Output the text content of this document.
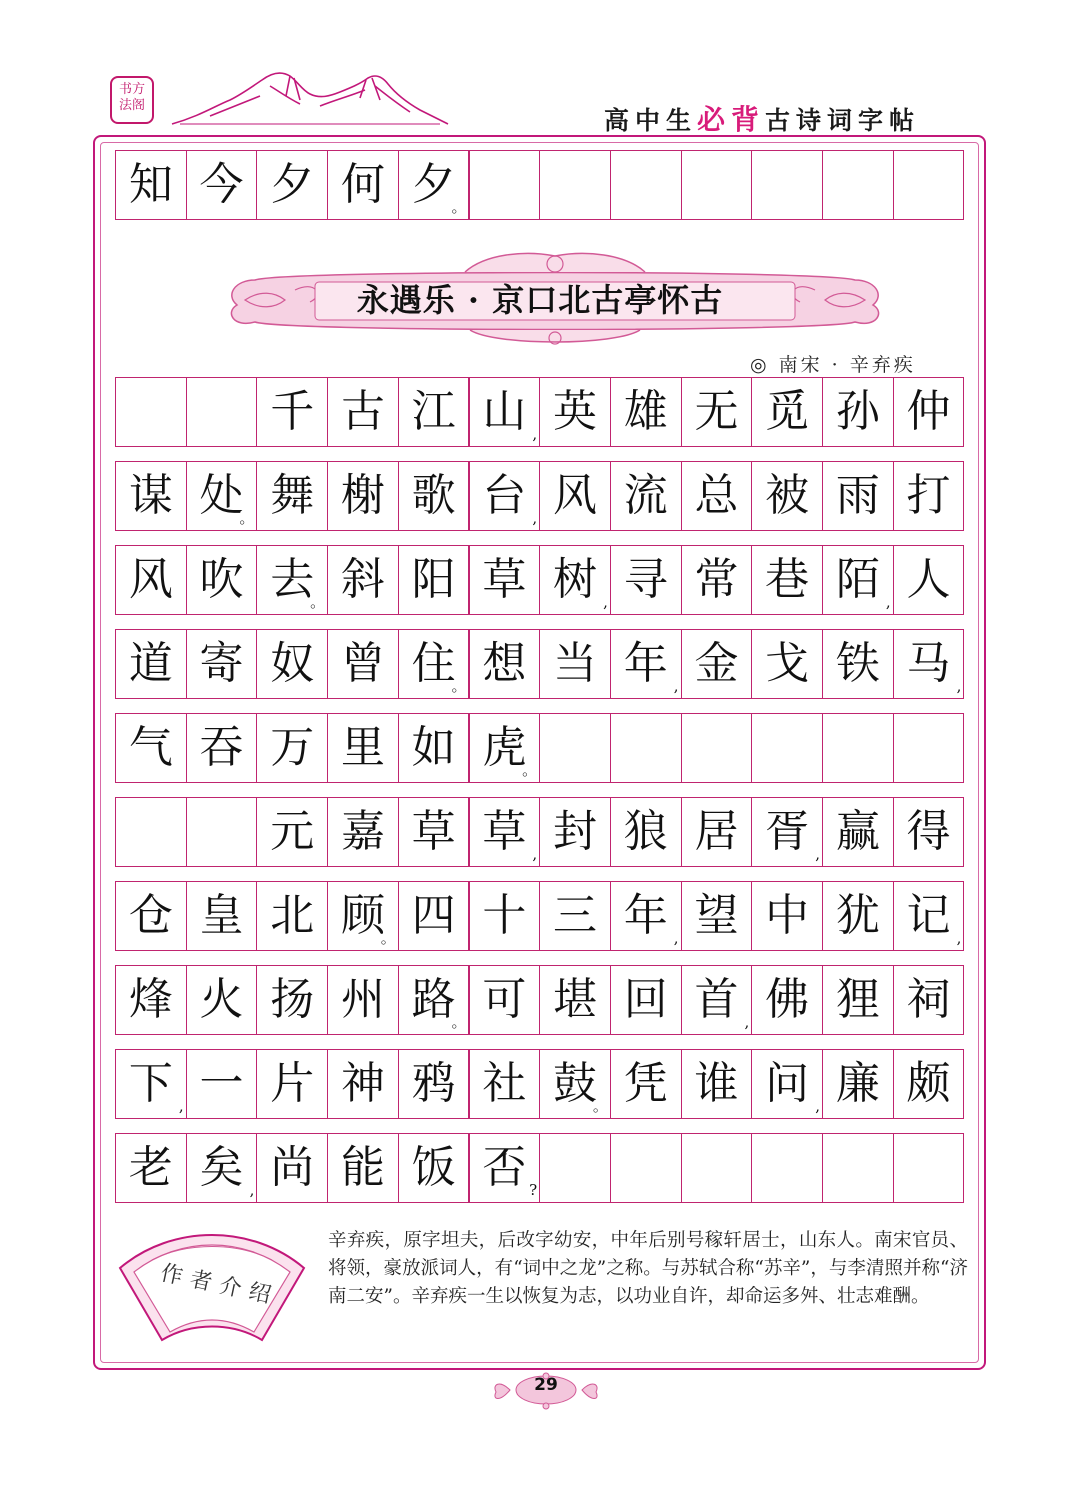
书方法阁
高中生必背古诗词字帖
知 今 夕 何 夕
。
千 古 江 山 , 英 雄 无 觅 孙 仲
谋 处
。 舞 榭 歌 台 , 风 流 总 被 雨 打
风 吹 去
。 斜 阳 草 树 , 寻 常 巷 陌 , 人
道 寄 奴 曾 住
。 想 当 年 , 金 戈 铁 马 ,
气 吞 万 里 如 虎
。
元 嘉 草 草 , 封 狼 居 胥 , 赢 得
仓 皇 北 顾
。 四 十 三 年 , 望 中 犹 记 ,
烽 火 扬 州 路
。 可 堪 回 首 , 佛 狸 祠
下 , 一 片 神 鸦 社 鼓
。 凭 谁 问 , 廉 颇
老 矣 , 尚 能 饭 否 ?
永遇乐 · 京口北古亭怀古
◎ 南宋 · 辛弃疾
作者介绍
辛弃疾，原字坦夫，后改字幼安，中年后别号稼轩居士，山东人。南宋官员、将领，豪放派词人，有“词中之龙”之称。与苏轼合称“苏辛”，与李清照并称“济南二安”。辛弃疾一生以恢复为志，以功业自许，却命运多舛、壮志难酬。
29
